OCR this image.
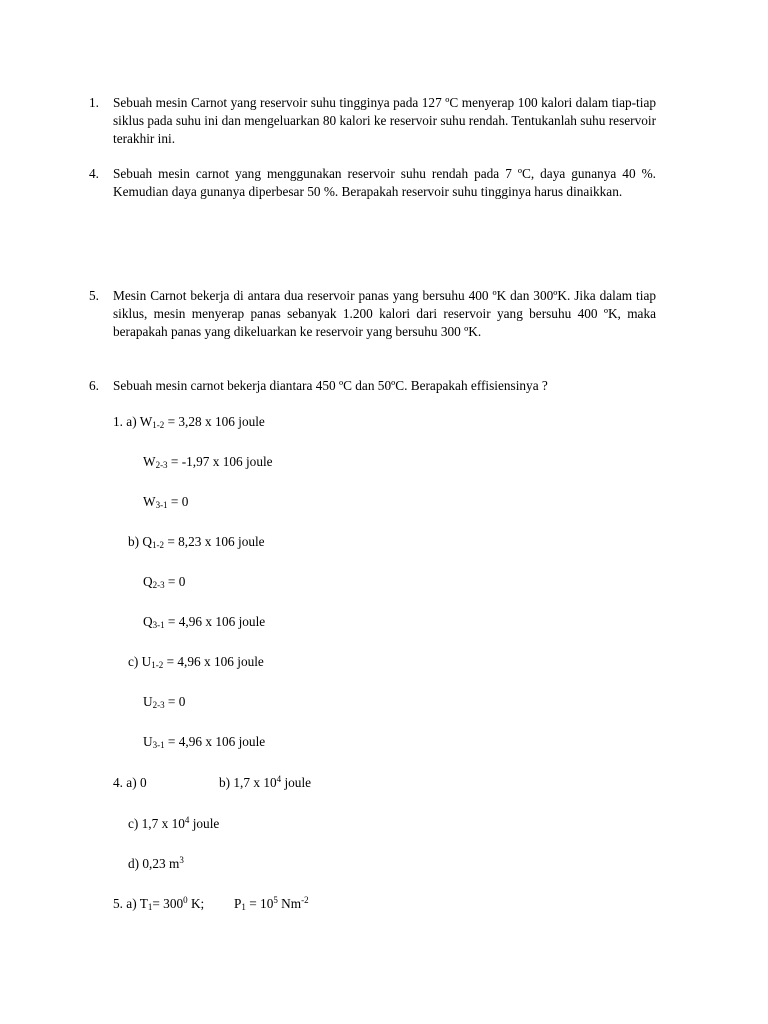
1. Sebuah mesin Carnot yang reservoir suhu tingginya pada 127 ºC menyerap 100 kalori dalam tiap-tiap siklus pada suhu ini dan mengeluarkan 80 kalori ke reservoir suhu rendah. Tentukanlah suhu reservoir terakhir ini.
4. Sebuah mesin carnot yang menggunakan reservoir suhu rendah pada 7 ºC, daya gunanya 40 %. Kemudian daya gunanya diperbesar 50 %. Berapakah reservoir suhu tingginya harus dinaikkan.
5. Mesin Carnot bekerja di antara dua reservoir panas yang bersuhu 400 ºK dan 300ºK. Jika dalam tiap siklus, mesin menyerap panas sebanyak 1.200 kalori dari reservoir yang bersuhu 400 ºK, maka berapakah panas yang dikeluarkan ke reservoir yang bersuhu 300 ºK.
6. Sebuah mesin carnot bekerja diantara 450 ºC dan 50ºC. Berapakah effisiensinya ?
1. a) $W_{1-2} = 3,28$ x 106 joule
$W_{2-3} = -1,97$ x 106 joule
$W_{3-1} = 0$
b) $Q_{1-2} = 8,23$ x 106 joule
$Q_{2-3} = 0$
$Q_{3-1} = 4,96$ x 106 joule
c) $U_{1-2} = 4,96$ x 106 joule
$U_{2-3} = 0$
$U_{3-1} = 4,96$ x 106 joule
4. a) 0	b) 1,7 x $10^4$ joule
c) 1,7 x $10^4$ joule
d) 0,23 $m^3$
5. a) $T_1= 300^0$ K; $P_1 = 10^5$ $Nm^{-2}$
